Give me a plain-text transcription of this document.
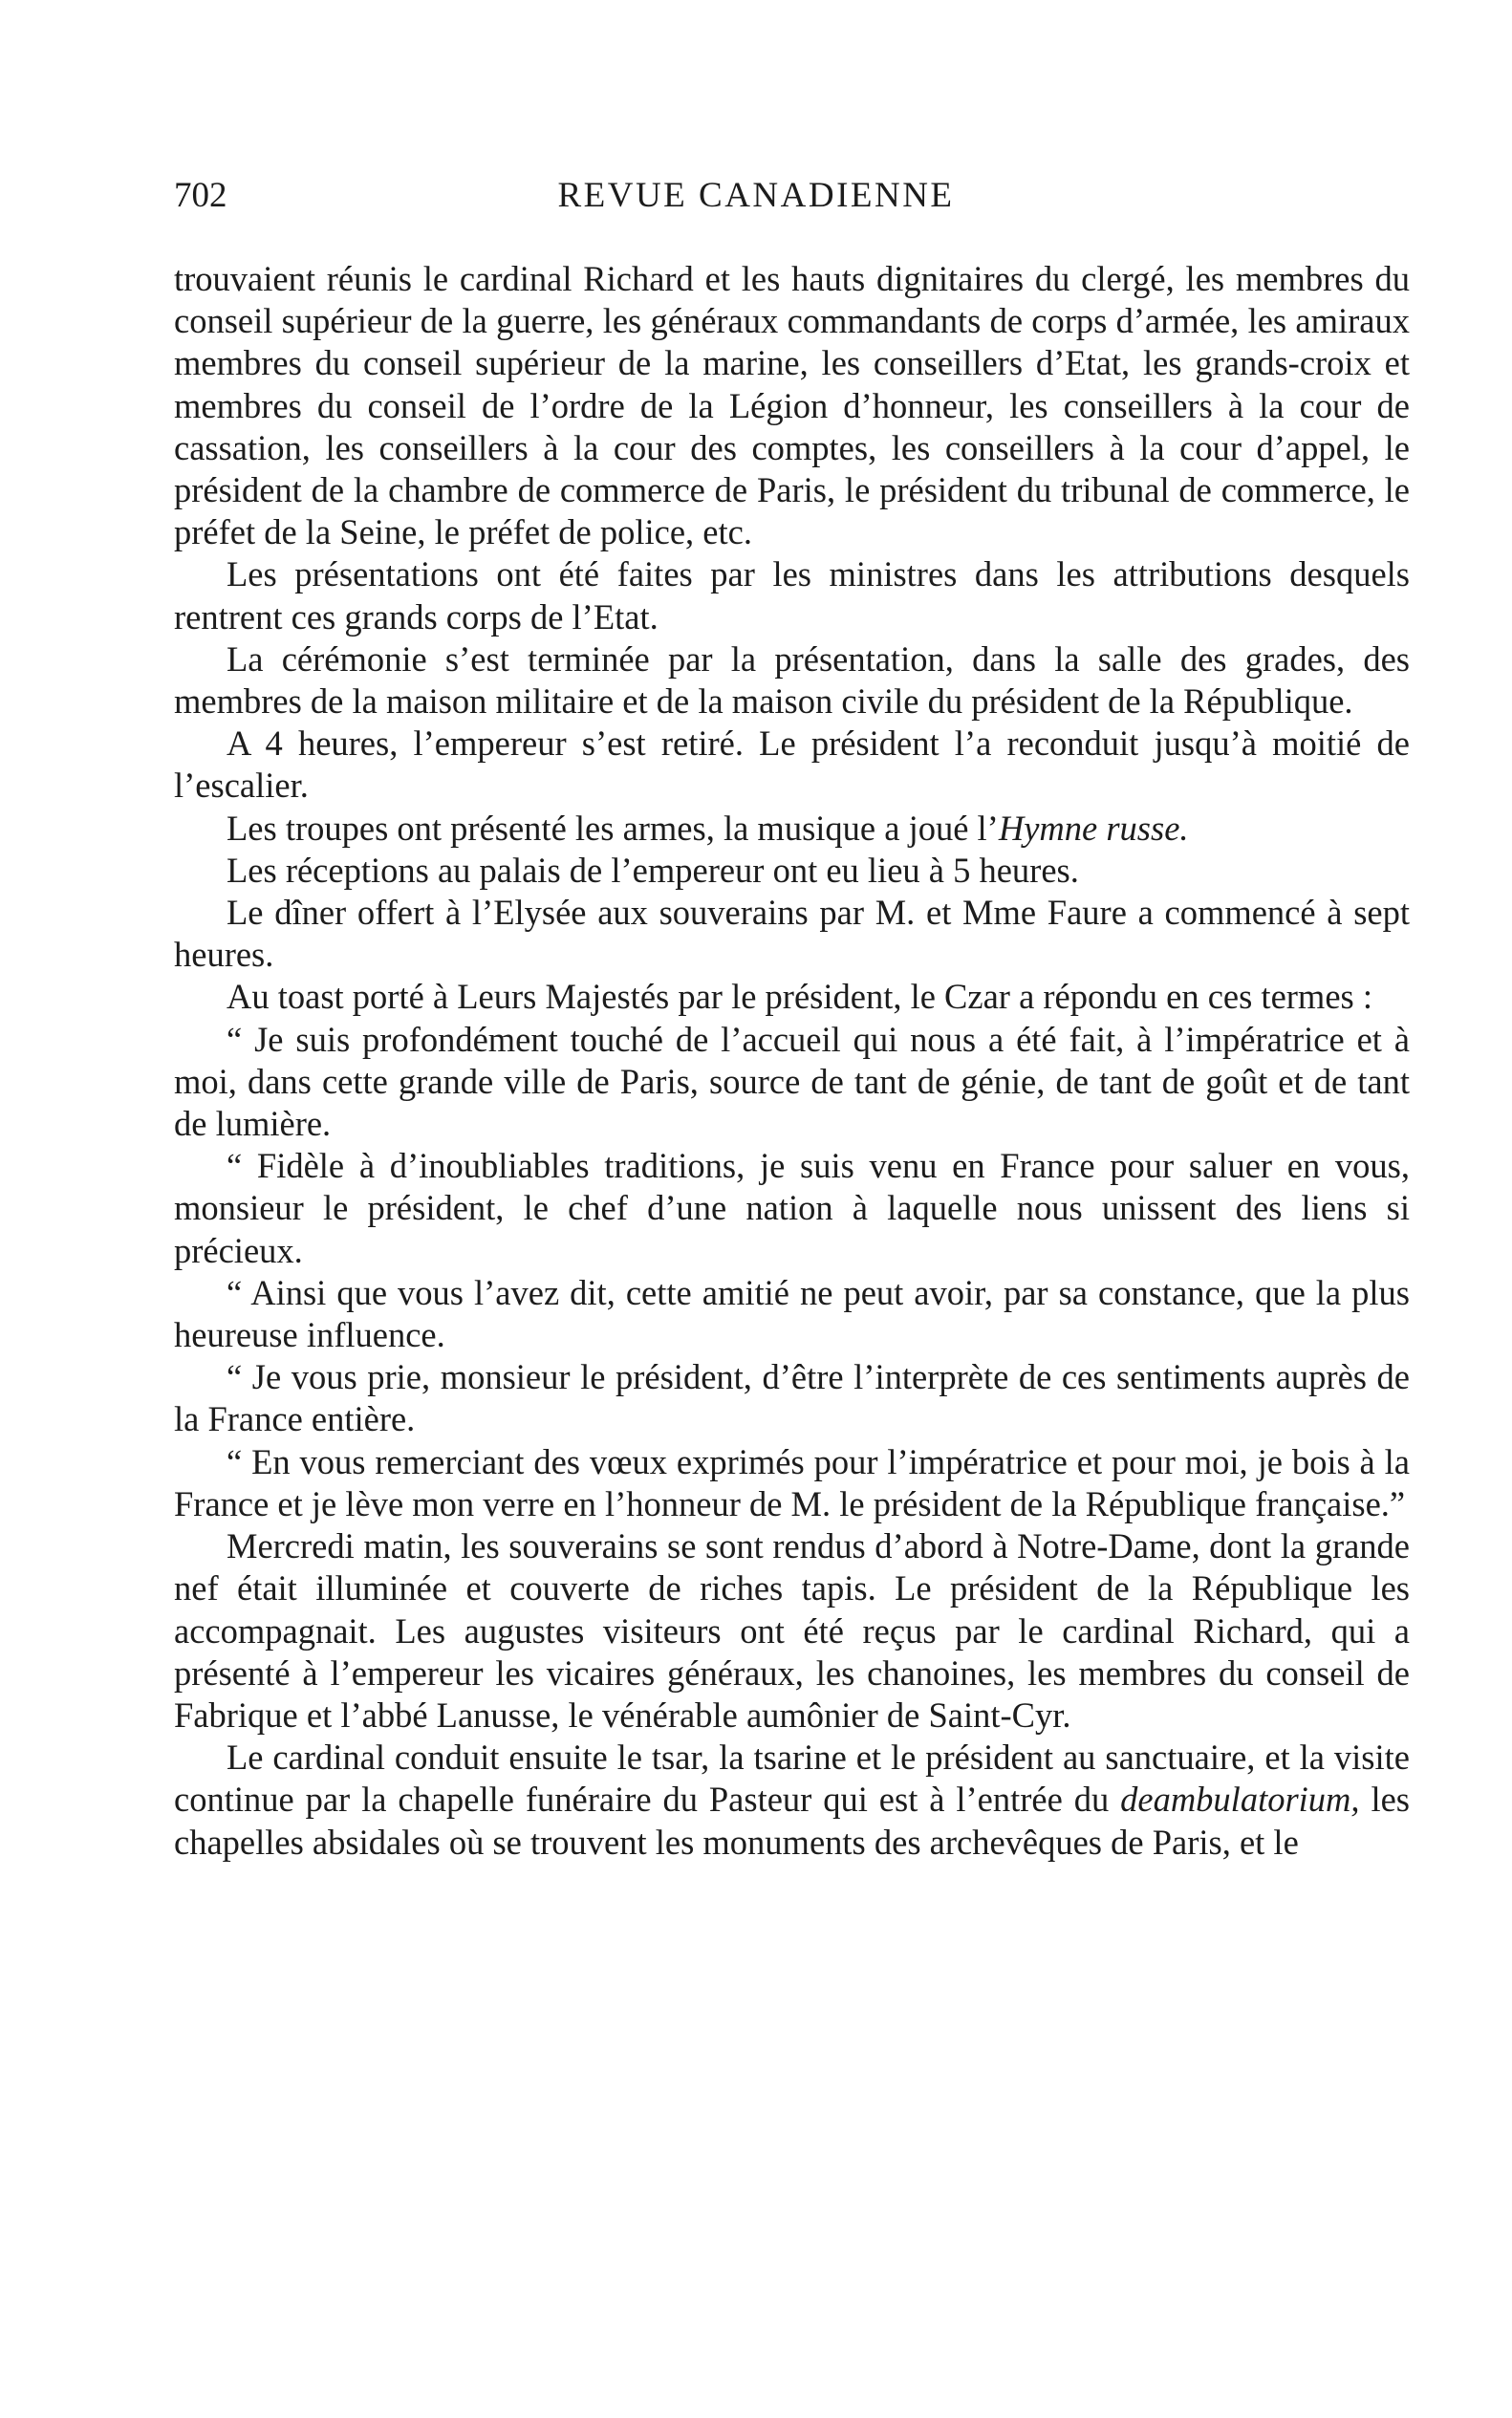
702	REVUE CANADIENNE

trouvaient réunis le cardinal Richard et les hauts dignitaires du clergé, les membres du conseil supérieur de la guerre, les généraux commandants de corps d’armée, les amiraux membres du conseil supérieur de la marine, les conseillers d’Etat, les grands-croix et membres du conseil de l’ordre de la Légion d’honneur, les conseillers à la cour de cassation, les conseillers à la cour des comptes, les conseillers à la cour d’appel, le président de la chambre de commerce de Paris, le président du tribunal de commerce, le préfet de la Seine, le préfet de police, etc.

Les présentations ont été faites par les ministres dans les attributions desquels rentrent ces grands corps de l’Etat.

La cérémonie s’est terminée par la présentation, dans la salle des grades, des membres de la maison militaire et de la maison civile du président de la République.

A 4 heures, l’empereur s’est retiré. Le président l’a reconduit jusqu’à moitié de l’escalier.

Les troupes ont présenté les armes, la musique a joué l’Hymne russe.

Les réceptions au palais de l’empereur ont eu lieu à 5 heures.

Le dîner offert à l’Elysée aux souverains par M. et Mme Faure a commencé à sept heures.

Au toast porté à Leurs Majestés par le président, le Czar a répondu en ces termes :

“ Je suis profondément touché de l’accueil qui nous a été fait, à l’impératrice et à moi, dans cette grande ville de Paris, source de tant de génie, de tant de goût et de tant de lumière.

“ Fidèle à d’inoubliables traditions, je suis venu en France pour saluer en vous, monsieur le président, le chef d’une nation à laquelle nous unissent des liens si précieux.

“ Ainsi que vous l’avez dit, cette amitié ne peut avoir, par sa constance, que la plus heureuse influence.

“ Je vous prie, monsieur le président, d’être l’interprète de ces sentiments auprès de la France entière.

“ En vous remerciant des vœux exprimés pour l’impératrice et pour moi, je bois à la France et je lève mon verre en l’honneur de M. le président de la République française.”

Mercredi matin, les souverains se sont rendus d’abord à Notre-Dame, dont la grande nef était illuminée et couverte de riches tapis. Le président de la République les accompagnait. Les augustes visiteurs ont été reçus par le cardinal Richard, qui a présenté à l’empereur les vicaires généraux, les chanoines, les membres du conseil de Fabrique et l’abbé Lanusse, le vénérable aumônier de Saint-Cyr.

Le cardinal conduit ensuite le tsar, la tsarine et le président au sanctuaire, et la visite continue par la chapelle funéraire du Pasteur qui est à l’entrée du deambulatorium, les chapelles absidales où se trouvent les monuments des archevêques de Paris, et le
